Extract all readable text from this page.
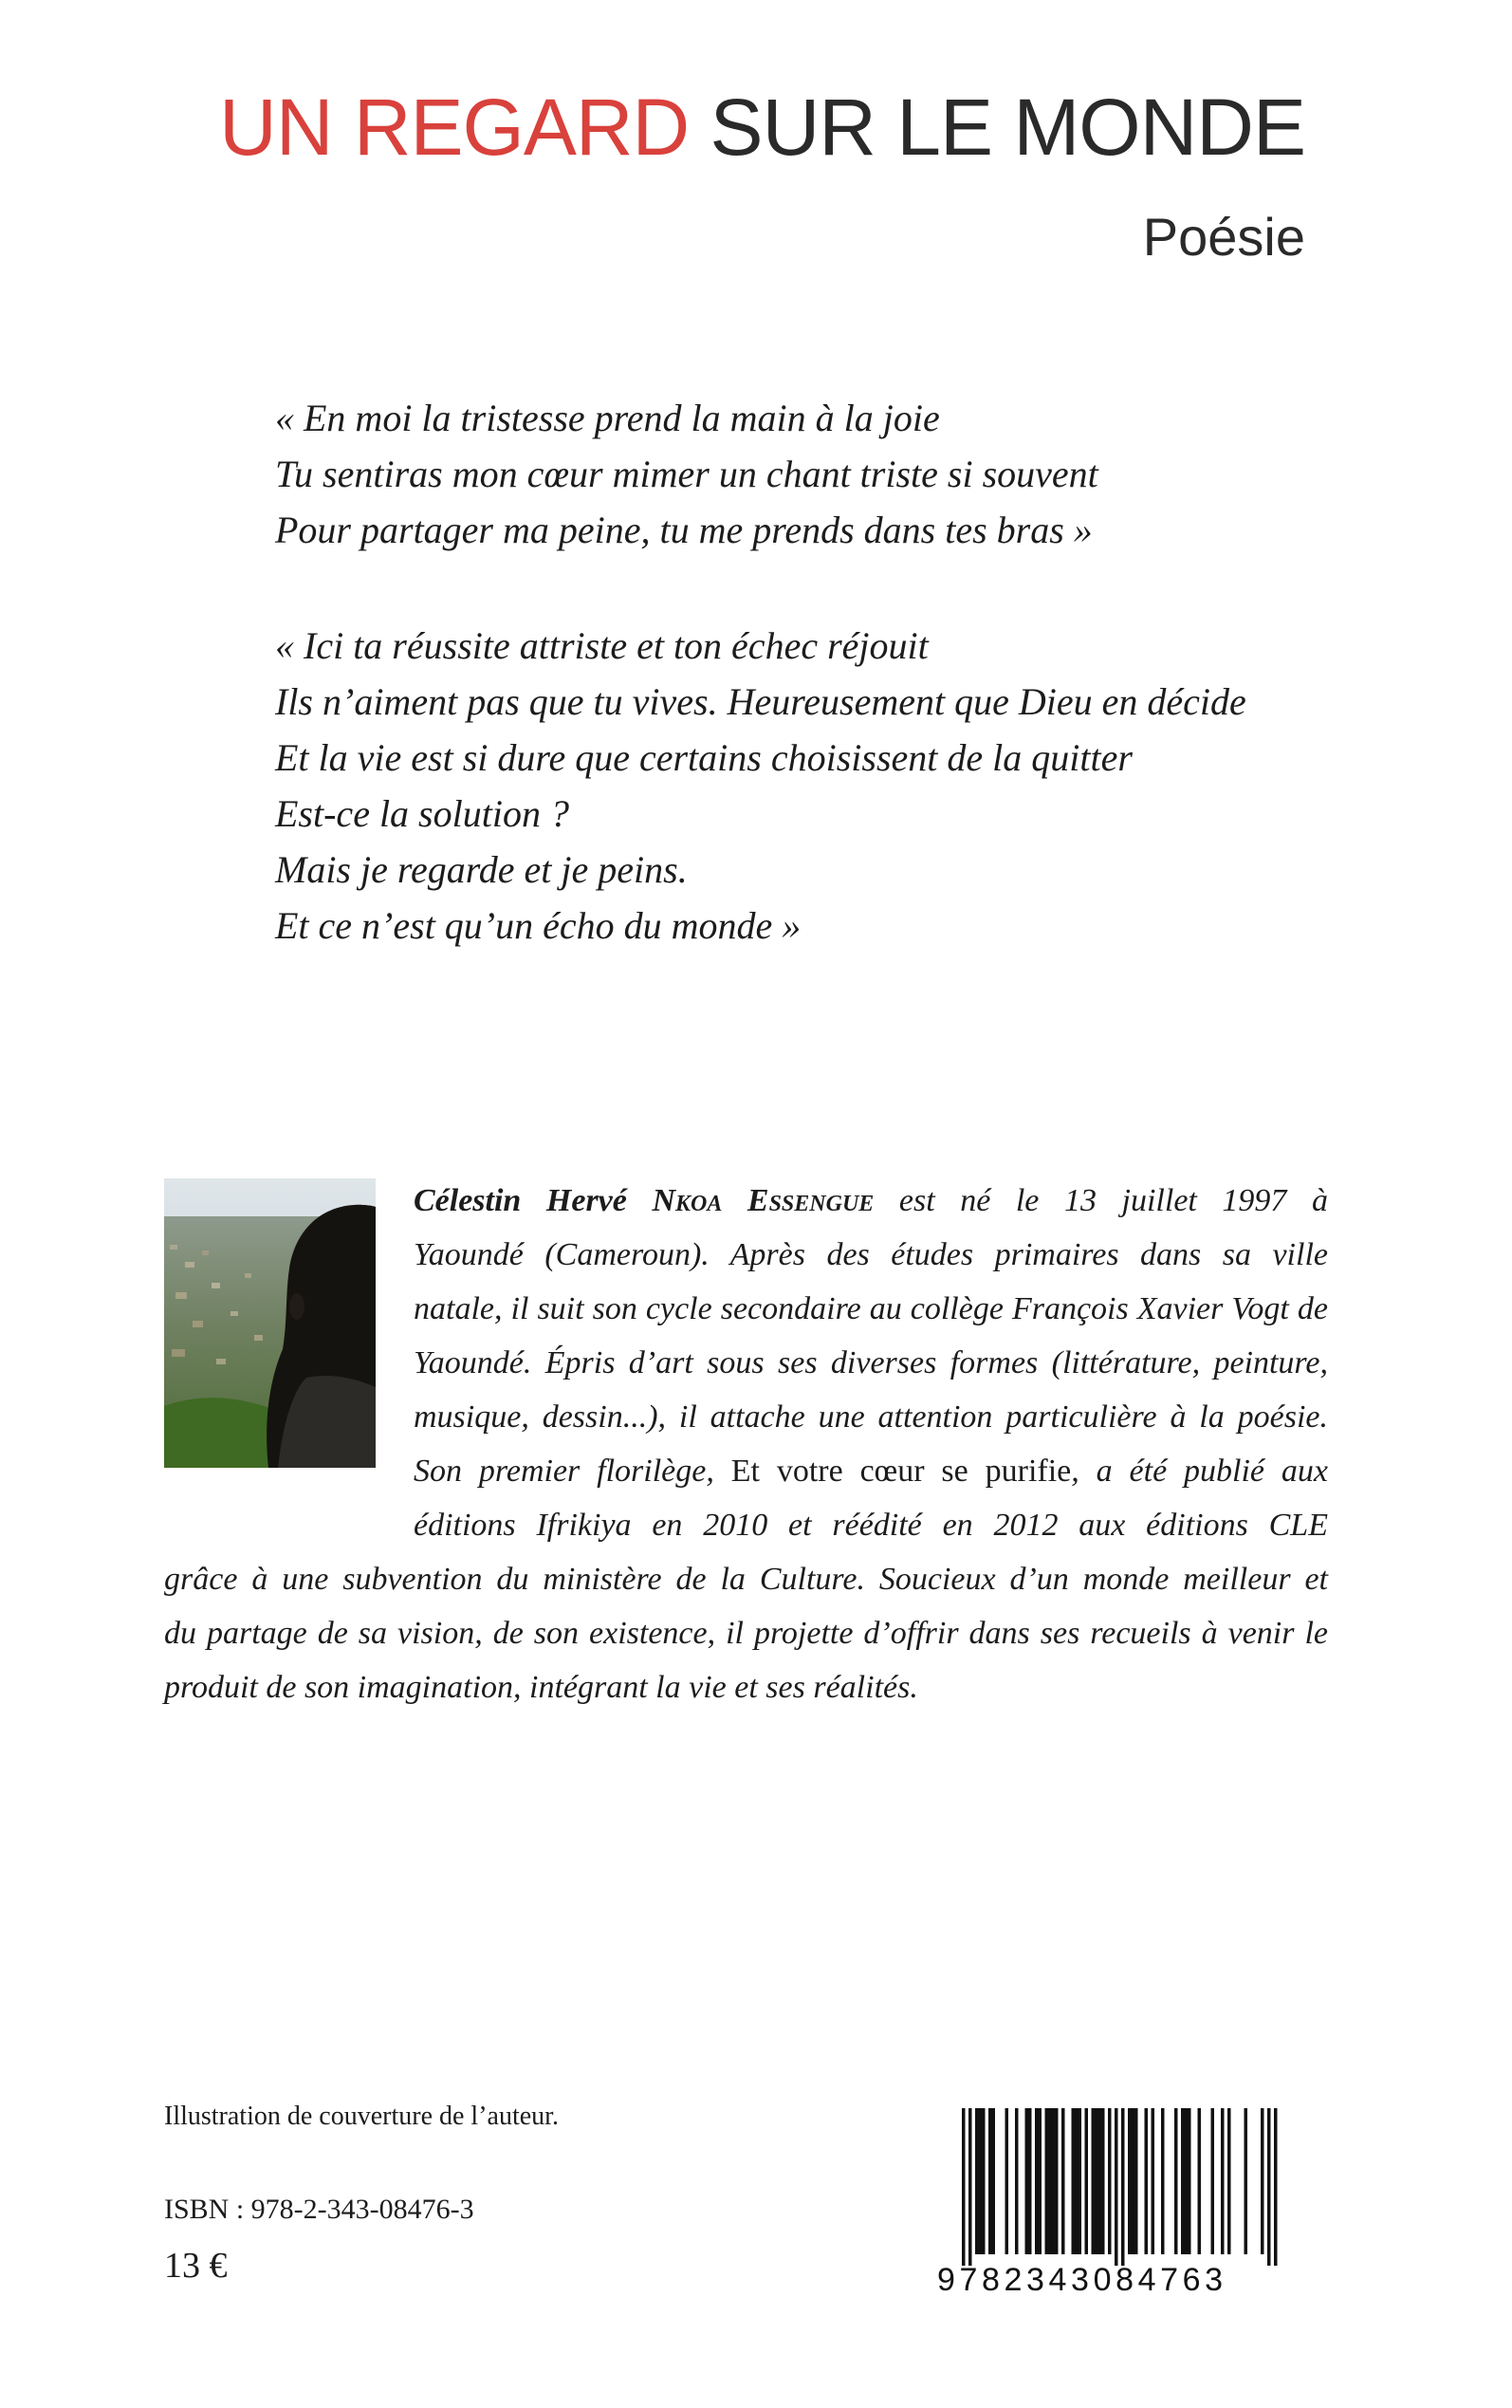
UN REGARD SUR LE MONDE
Poésie
« En moi la tristesse prend la main à la joie
Tu sentiras mon cœur mimer un chant triste si souvent
Pour partager ma peine, tu me prends dans tes bras »
« Ici ta réussite attriste et ton échec réjouit
Ils n’aiment pas que tu vives. Heureusement que Dieu en décide
Et la vie est si dure que certains choisissent de la quitter
Est-ce la solution ?
Mais je regarde et je peins.
Et ce n’est qu’un écho du monde »
Célestin Hervé Nkoa Essengue est né le 13 juillet 1997 à
Yaoundé (Cameroun). Après des études primaires dans sa ville
natale, il suit son cycle secondaire au collège François Xavier Vogt de
Yaoundé. Épris d’art sous ses diverses formes (littérature, peinture,
musique, dessin...), il attache une attention particulière à la poésie.
Son premier florilège, Et votre cœur se purifie, a été publié aux
éditions Ifrikiya en 2010 et réédité en 2012 aux éditions CLE
grâce à une subvention du ministère de la Culture. Soucieux d’un monde meilleur et
du partage de sa vision, de son existence, il projette d’offrir dans ses recueils à venir le
produit de son imagination, intégrant la vie et ses réalités.
Illustration de couverture de l’auteur.
ISBN : 978-2-343-08476-3
13 €	9782343084763
